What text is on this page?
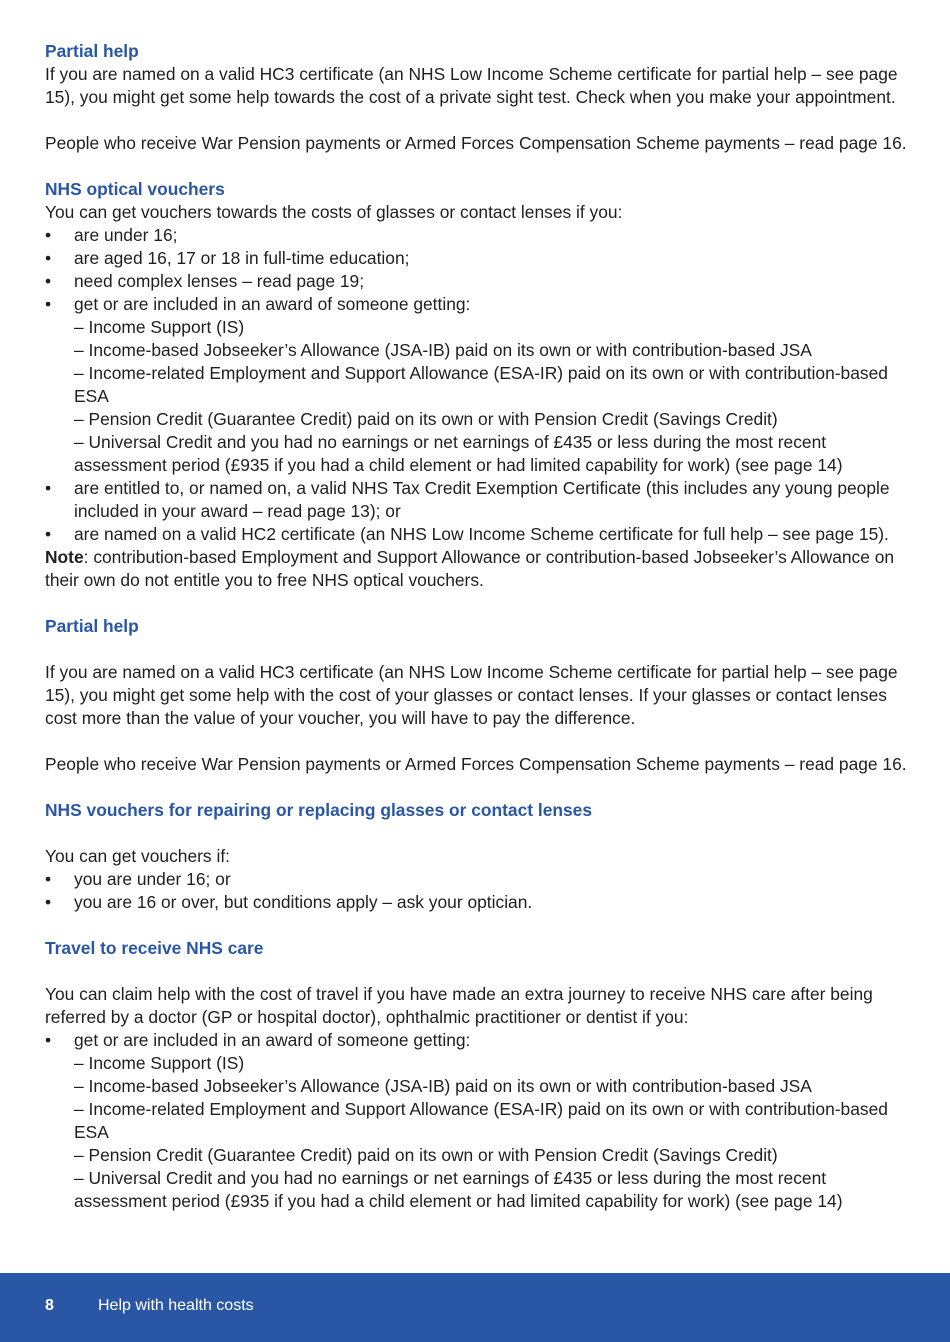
Partial help

If you are named on a valid HC3 certificate (an NHS Low Income Scheme certificate for partial help – see page 15), you might get some help towards the cost of a private sight test. Check when you make your appointment.

People who receive War Pension payments or Armed Forces Compensation Scheme payments – read page 16.

NHS optical vouchers

You can get vouchers towards the costs of glasses or contact lenses if you:

• are under 16;
• are aged 16, 17 or 18 in full-time education;
• need complex lenses – read page 19;
• get or are included in an award of someone getting:
– Income Support (IS)
– Income-based Jobseeker’s Allowance (JSA-IB) paid on its own or with contribution-based JSA
– Income-related Employment and Support Allowance (ESA-IR) paid on its own or with contribution-based ESA
– Pension Credit (Guarantee Credit) paid on its own or with Pension Credit (Savings Credit)
– Universal Credit and you had no earnings or net earnings of £435 or less during the most recent assessment period (£935 if you had a child element or had limited capability for work) (see page 14)
• are entitled to, or named on, a valid NHS Tax Credit Exemption Certificate (this includes any young people included in your award – read page 13); or
• are named on a valid HC2 certificate (an NHS Low Income Scheme certificate for full help – see page 15).

Note: contribution-based Employment and Support Allowance or contribution-based Jobseeker’s Allowance on their own do not entitle you to free NHS optical vouchers.

Partial help

If you are named on a valid HC3 certificate (an NHS Low Income Scheme certificate for partial help – see page 15), you might get some help with the cost of your glasses or contact lenses. If your glasses or contact lenses cost more than the value of your voucher, you will have to pay the difference.

People who receive War Pension payments or Armed Forces Compensation Scheme payments – read page 16.

NHS vouchers for repairing or replacing glasses or contact lenses

You can get vouchers if:

• you are under 16; or
• you are 16 or over, but conditions apply – ask your optician.
Travel to receive NHS care

You can claim help with the cost of travel if you have made an extra journey to receive NHS care after being referred by a doctor (GP or hospital doctor), ophthalmic practitioner or dentist if you:

• get or are included in an award of someone getting:
– Income Support (IS)
– Income-based Jobseeker’s Allowance (JSA-IB) paid on its own or with contribution-based JSA
– Income-related Employment and Support Allowance (ESA-IR) paid on its own or with contribution-based ESA
– Pension Credit (Guarantee Credit) paid on its own or with Pension Credit (Savings Credit)
– Universal Credit and you had no earnings or net earnings of £435 or less during the most recent assessment period (£935 if you had a child element or had limited capability for work) (see page 14)
8	Help with health costs
